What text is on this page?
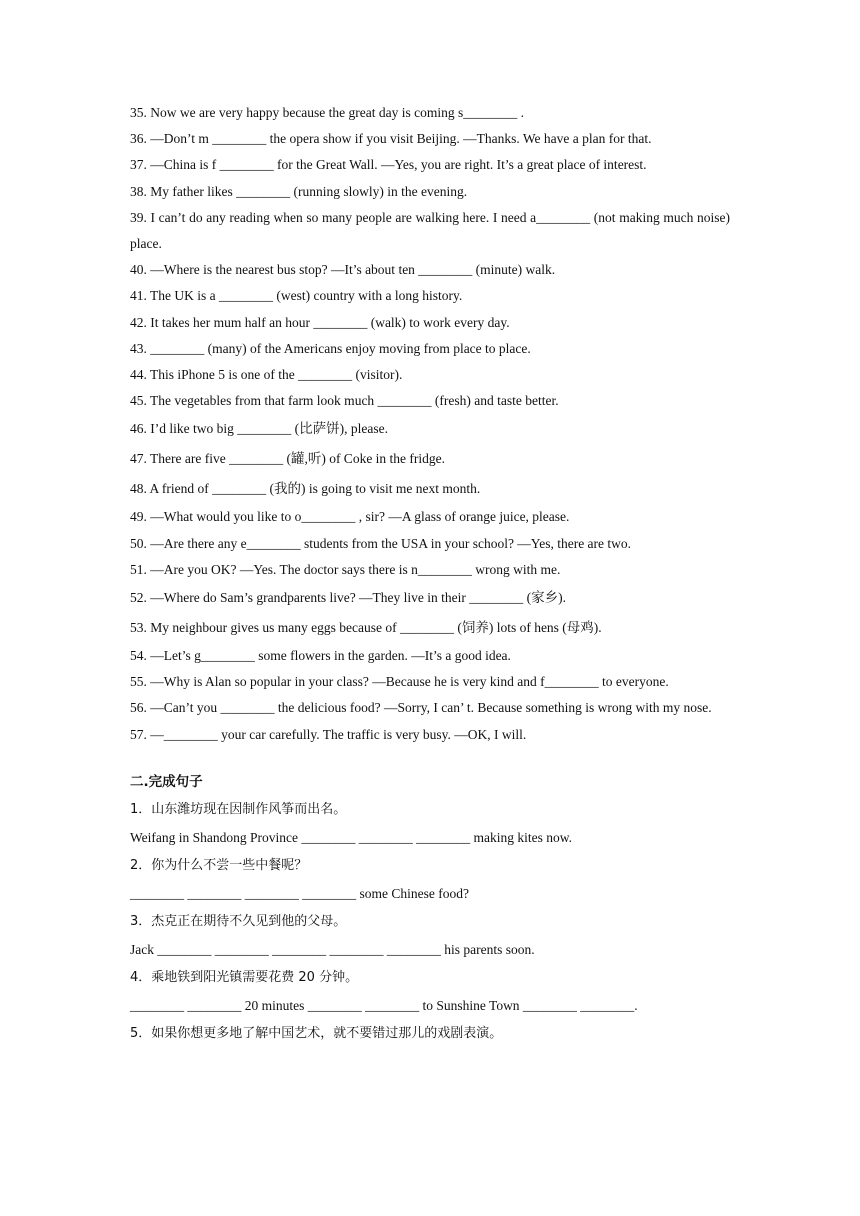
35. Now we are very happy because the great day is coming s________ .
36. —Don’t m ________ the opera show if you visit Beijing. —Thanks. We have a plan for that.
37. —China is f ________ for the Great Wall. —Yes, you are right. It’s a great place of interest.
38. My father likes ________ (running slowly) in the evening.
39. I can’t do any reading when so many people are walking here. I need a________ (not making much noise) place.
40. —Where is the nearest bus stop? —It’s about ten ________ (minute) walk.
41. The UK is a ________ (west) country with a long history.
42. It takes her mum half an hour ________ (walk) to work every day.
43. ________ (many) of the Americans enjoy moving from place to place.
44. This iPhone 5 is one of the ________ (visitor).
45. The vegetables from that farm look much ________ (fresh) and taste better.
46. I’d like two big ________ (比萨饼), please.
47. There are five ________ (罐,听) of Coke in the fridge.
48. A friend of ________ (我的) is going to visit me next month.
49. —What would you like to o________ , sir? —A glass of orange juice, please.
50. —Are there any e________ students from the USA in your school? —Yes, there are two.
51. —Are you OK? —Yes. The doctor says there is n________ wrong with me.
52. —Where do Sam’s grandparents live? —They live in their ________ (家乡).
53. My neighbour gives us many eggs because of ________ (饲养) lots of hens (母鸡).
54. —Let’s g________ some flowers in the garden. —It’s a good idea.
55. —Why is Alan so popular in your class? —Because he is very kind and f________ to everyone.
56. —Can’t you ________ the delicious food? —Sorry, I can’ t. Because something is wrong with my nose.
57. —________ your car carefully. The traffic is very busy. —OK, I will.
二.完成句子
1．山东潍坊现在因制作风筝而出名。
Weifang in Shandong Province ________ ________ ________ making kites now.
2．你为什么不尝一些中餐呢？
________ ________ ________ ________ some Chinese food?
3．杰克正在期待不久见到他的父母。
Jack ________ ________ ________ ________ ________ his parents soon.
4．乘地铁到阳光镇需要花费 20 分钟。
________ ________ 20 minutes ________ ________ to Sunshine Town ________ ________.
5．如果你想更多地了解中国艺术，就不要错过那儿的戏剧表演。
